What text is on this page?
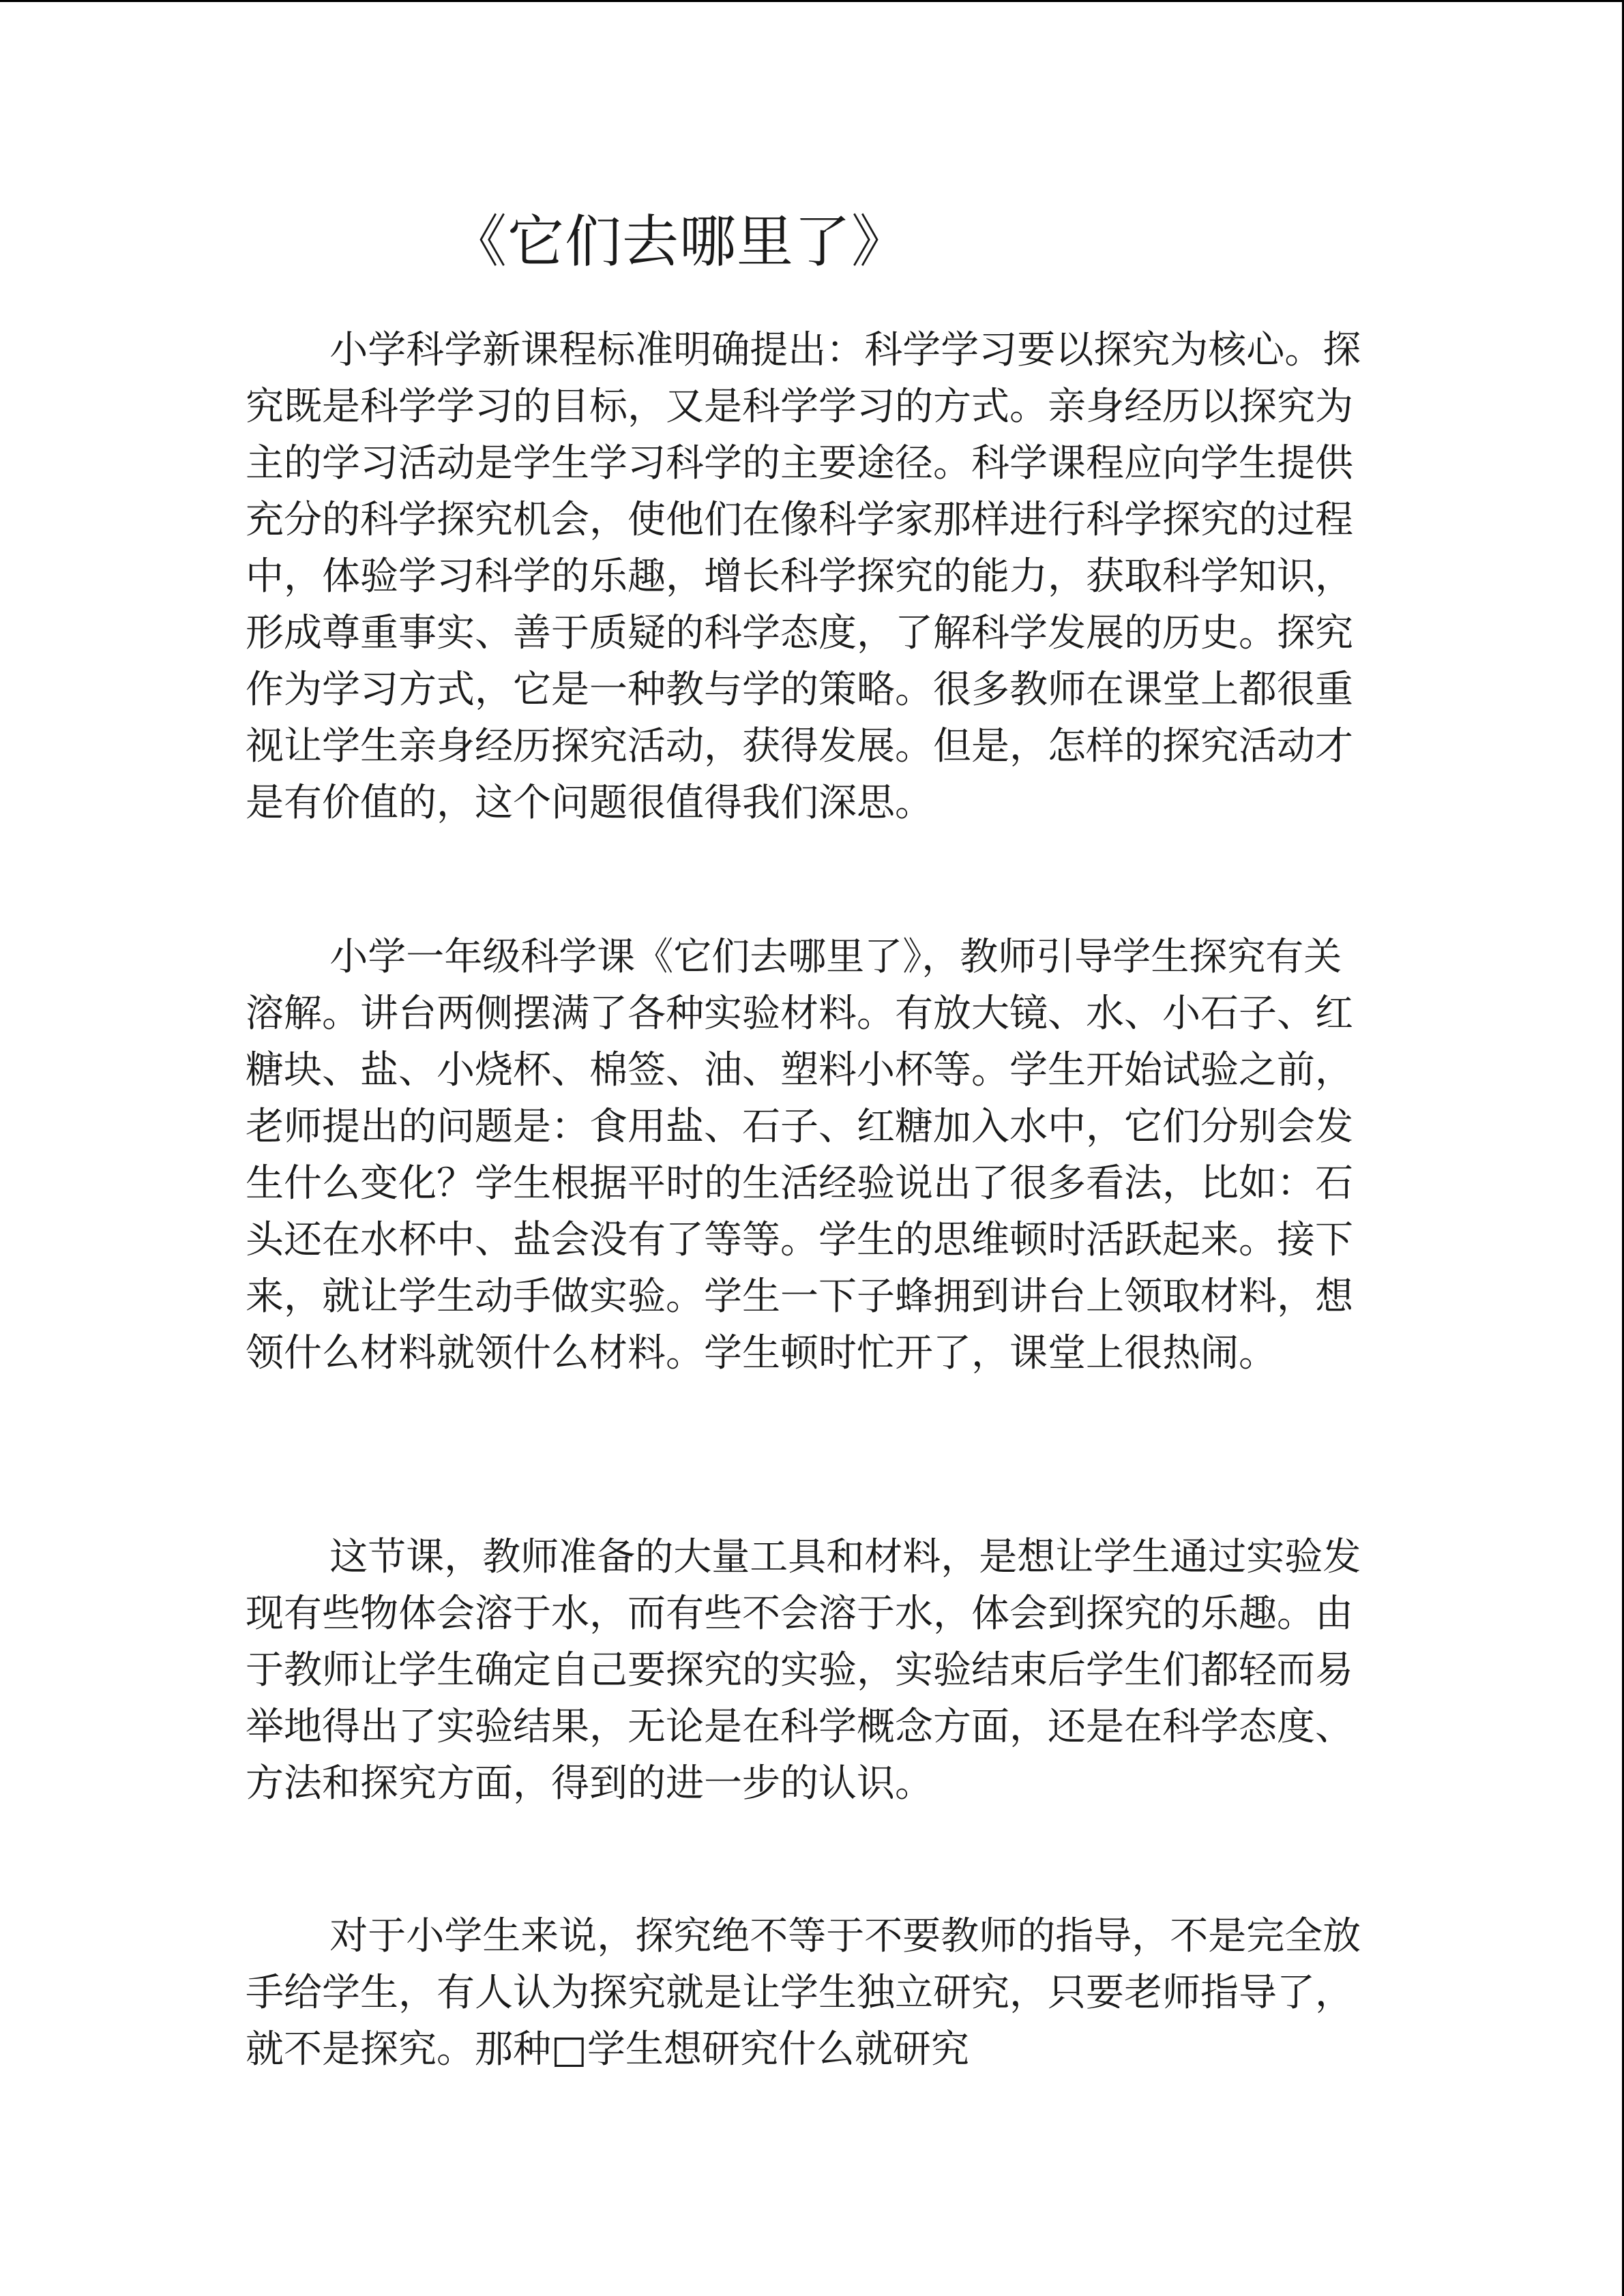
《它们去哪里了》

小学科学新课程标准明确提出：科学学习要以探究为核心。探究既是科学学习的目标，又是科学学习的方式。亲身经历以探究为主的学习活动是学生学习科学的主要途径。科学课程应向学生提供充分的科学探究机会，使他们在像科学家那样进行科学探究的过程中，体验学习科学的乐趣，增长科学探究的能力，获取科学知识，形成尊重事实、善于质疑的科学态度，了解科学发展的历史。探究作为学习方式，它是一种教与学的策略。很多教师在课堂上都很重视让学生亲身经历探究活动，获得发展。但是，怎样的探究活动才是有价值的，这个问题很值得我们深思。

小学一年级科学课《它们去哪里了》，教师引导学生探究有关溶解。讲台两侧摆满了各种实验材料。有放大镜、水、小石子、红糖块、盐、小烧杯、棉签、油、塑料小杯等。学生开始试验之前，老师提出的问题是：食用盐、石子、红糖加入水中，它们分别会发生什么变化？学生根据平时的生活经验说出了很多看法，比如：石头还在水杯中、盐会没有了等等。学生的思维顿时活跃起来。接下来，就让学生动手做实验。学生一下子蜂拥到讲台上领取材料，想领什么材料就领什么材料。学生顿时忙开了，课堂上很热闹。

这节课，教师准备的大量工具和材料，是想让学生通过实验发现有些物体会溶于水，而有些不会溶于水，体会到探究的乐趣。由于教师让学生确定自己要探究的实验，实验结束后学生们都轻而易举地得出了实验结果，无论是在科学概念方面，还是在科学态度、方法和探究方面，得到的进一步的认识。

对于小学生来说，探究绝不等于不要教师的指导，不是完全放手给学生，有人认为探究就是让学生独立研究，只要老师指导了，就不是探究。那种□学生想研究什么就研究
